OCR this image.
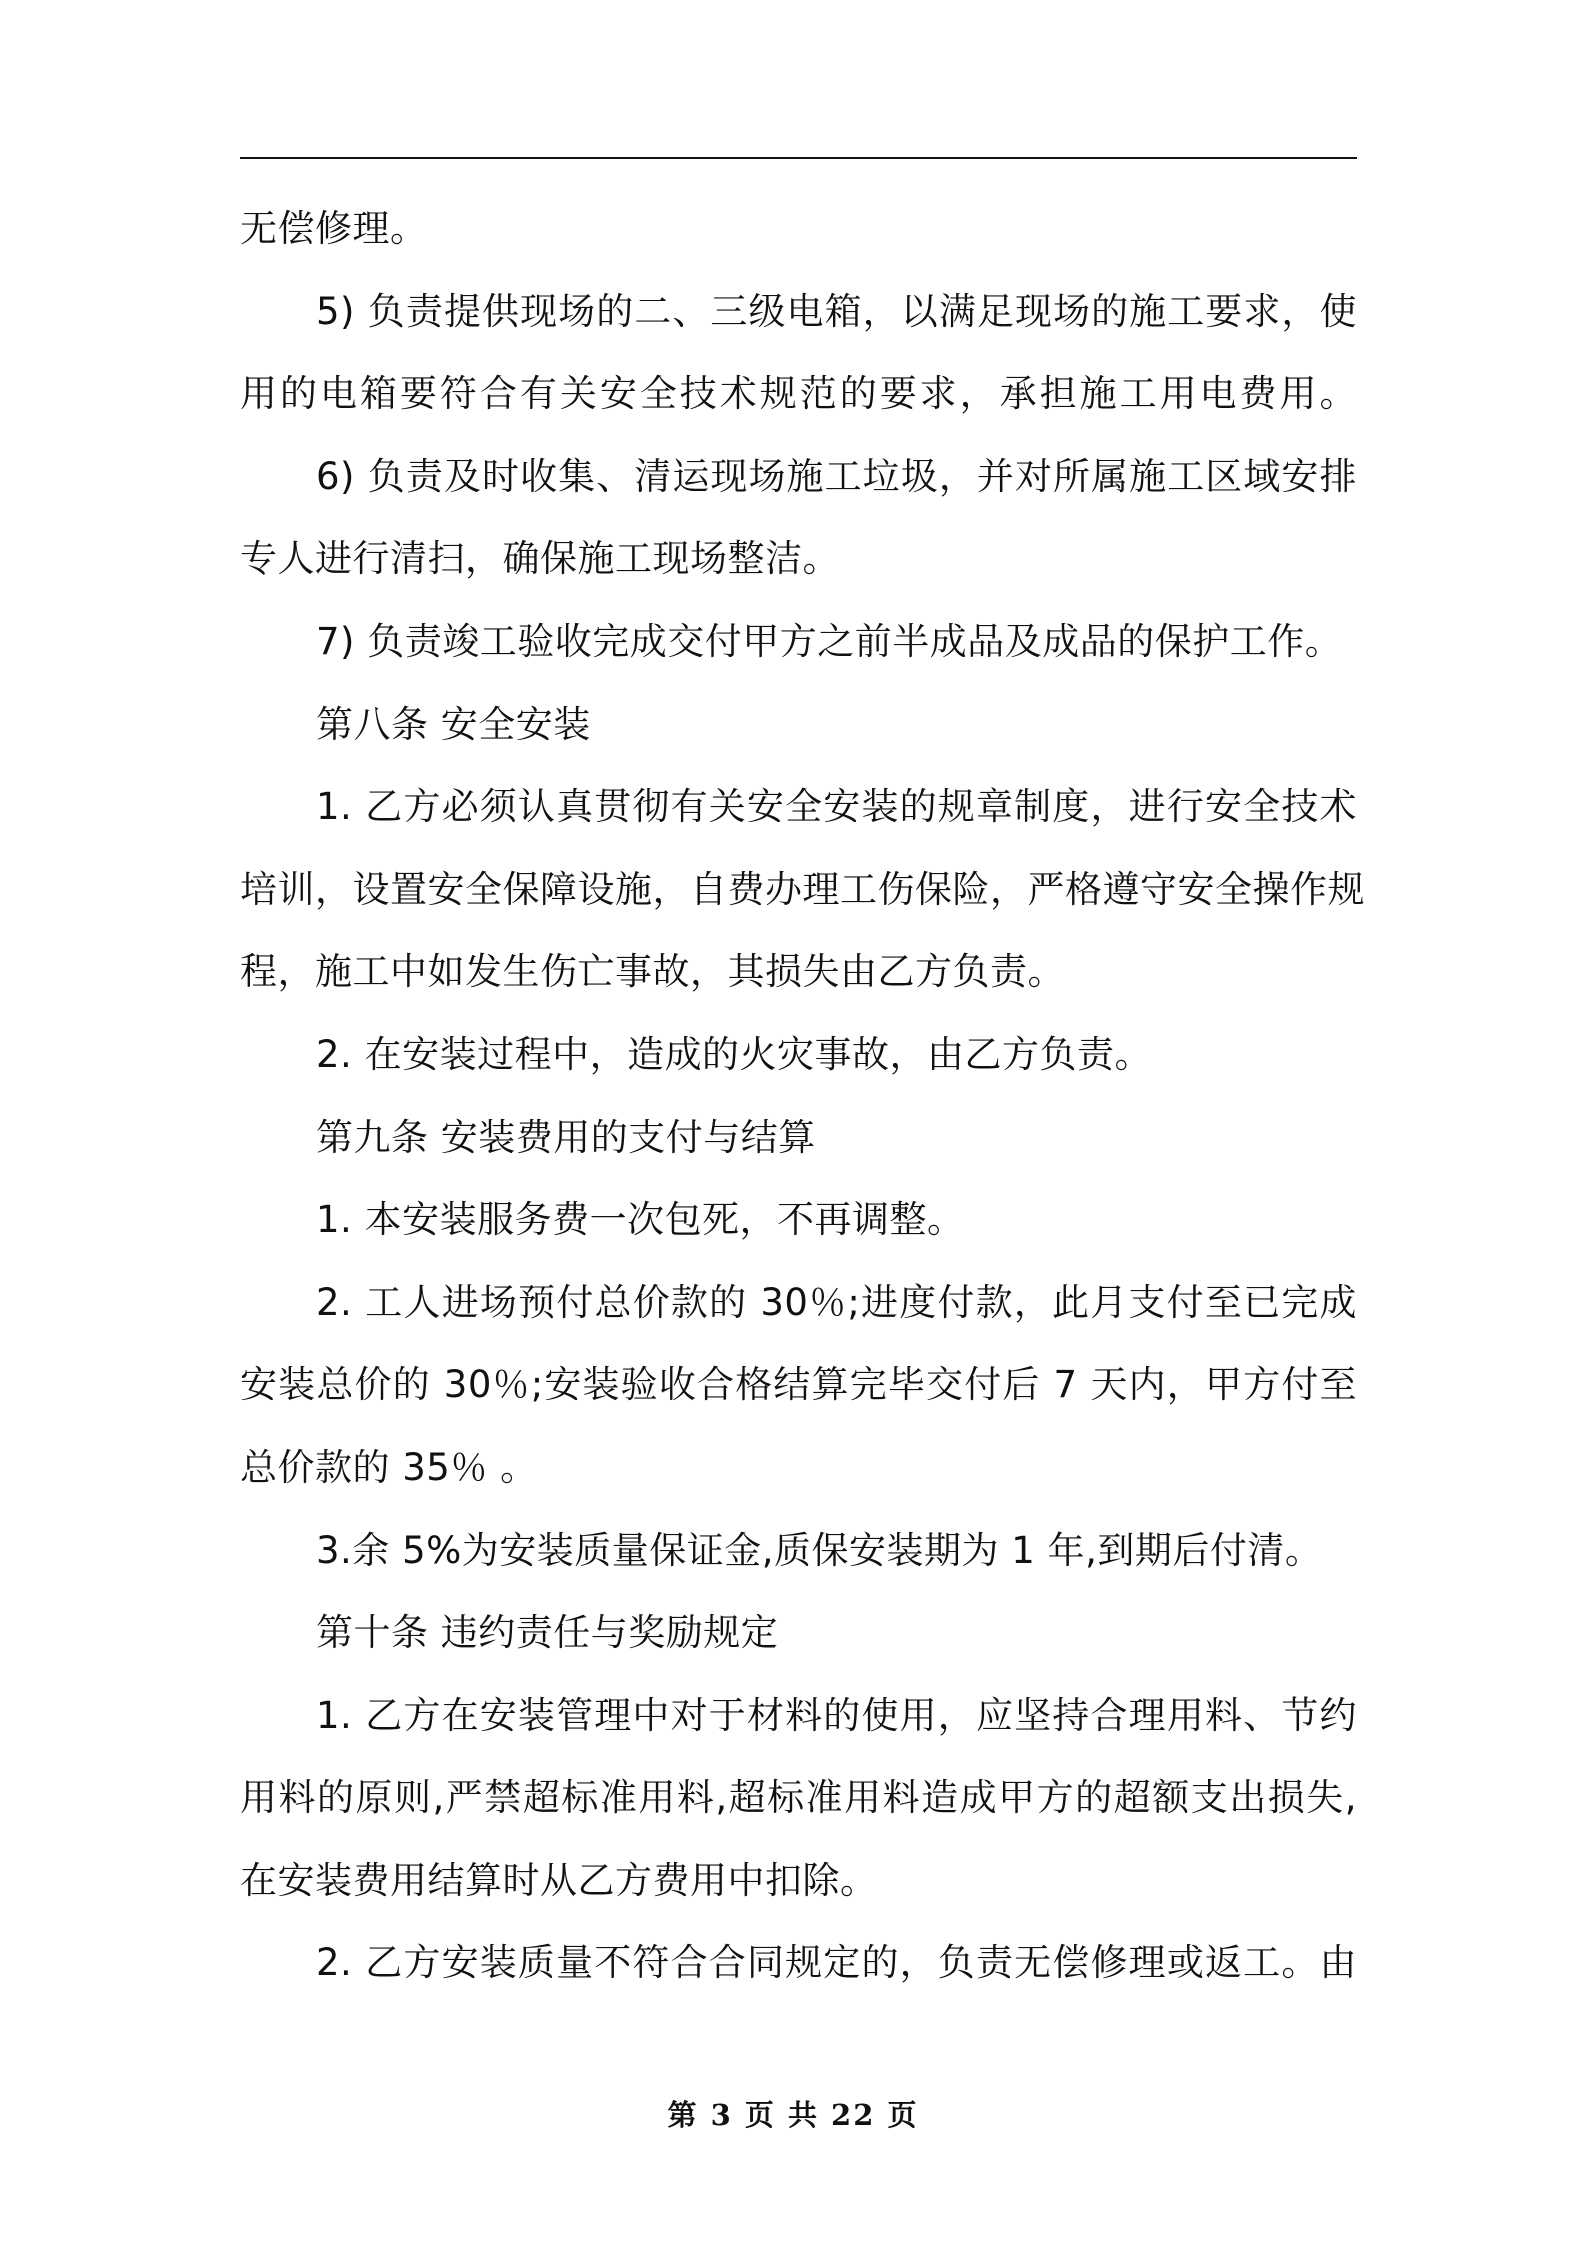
无偿修理。
5) 负责提供现场的二、三级电箱，以满足现场的施工要求，使
用的电箱要符合有关安全技术规范的要求，承担施工用电费用。
6) 负责及时收集、清运现场施工垃圾，并对所属施工区域安排
专人进行清扫，确保施工现场整洁。
7) 负责竣工验收完成交付甲方之前半成品及成品的保护工作。
第八条 安全安装
1. 乙方必须认真贯彻有关安全安装的规章制度，进行安全技术
培训，设置安全保障设施，自费办理工伤保险，严格遵守安全操作规
程，施工中如发生伤亡事故，其损失由乙方负责。
2. 在安装过程中，造成的火灾事故，由乙方负责。
第九条 安装费用的支付与结算
1. 本安装服务费一次包死，不再调整。
2. 工人进场预付总价款的 30％;进度付款，此月支付至已完成
安装总价的 30％;安装验收合格结算完毕交付后 7 天内，甲方付至
总价款的 35％ 。
3.余 5%为安装质量保证金,质保安装期为 1 年,到期后付清。
第十条 违约责任与奖励规定
1. 乙方在安装管理中对于材料的使用，应坚持合理用料、节约
用料的原则,严禁超标准用料,超标准用料造成甲方的超额支出损失,
在安装费用结算时从乙方费用中扣除。
2. 乙方安装质量不符合合同规定的，负责无偿修理或返工。由
第 3 页 共 22 页
